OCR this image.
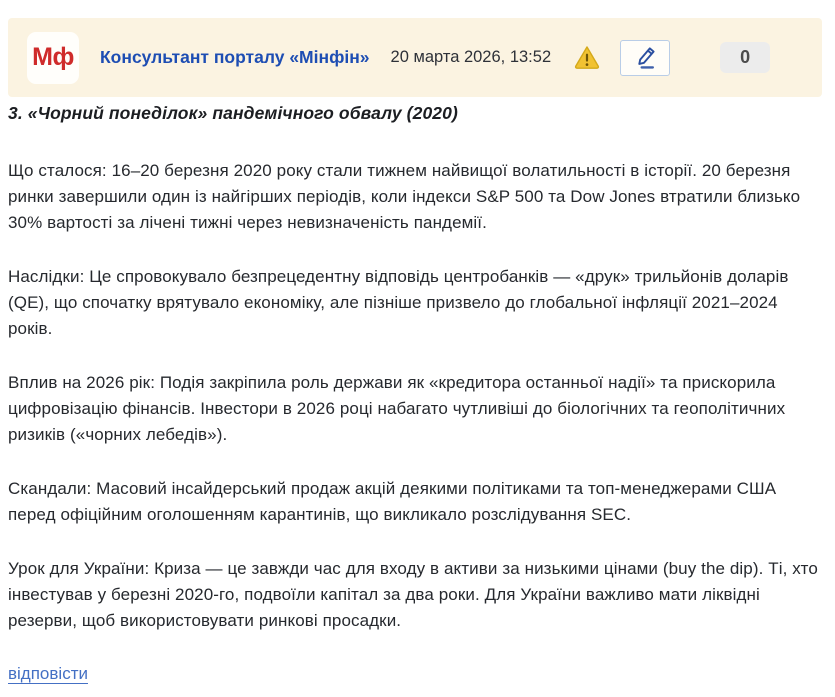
Мф Консультант порталу «Мінфін» 20 марта 2026, 13:52	0
3. «Чорний понеділок» пандемічного обвалу (2020)

Що сталося: 16–20 березня 2020 року стали тижнем найвищої волатильності в історії. 20 березня ринки завершили один із найгірших періодів, коли індекси S&P 500 та Dow Jones втратили близько 30% вартості за лічені тижні через невизначеність пандемії.

Наслідки: Це спровокувало безпрецедентну відповідь центробанків — «друк» трильйонів доларів (QE), що спочатку врятувало економіку, але пізніше призвело до глобальної інфляції 2021–2024 років.

Вплив на 2026 рік: Подія закріпила роль держави як «кредитора останньої надії» та прискорила цифровізацію фінансів. Інвестори в 2026 році набагато чутливіші до біологічних та геополітичних ризиків («чорних лебедів»).

Скандали: Масовий інсайдерський продаж акцій деякими політиками та топ-менеджерами США перед офіційним оголошенням карантинів, що викликало розслідування SEC.

Урок для України: Криза — це завжди час для входу в активи за низькими цінами (buy the dip). Ті, хто інвестував у березні 2020-го, подвоїли капітал за два роки. Для України важливо мати ліквідні резерви, щоб використовувати ринкові просадки.

відповісти
